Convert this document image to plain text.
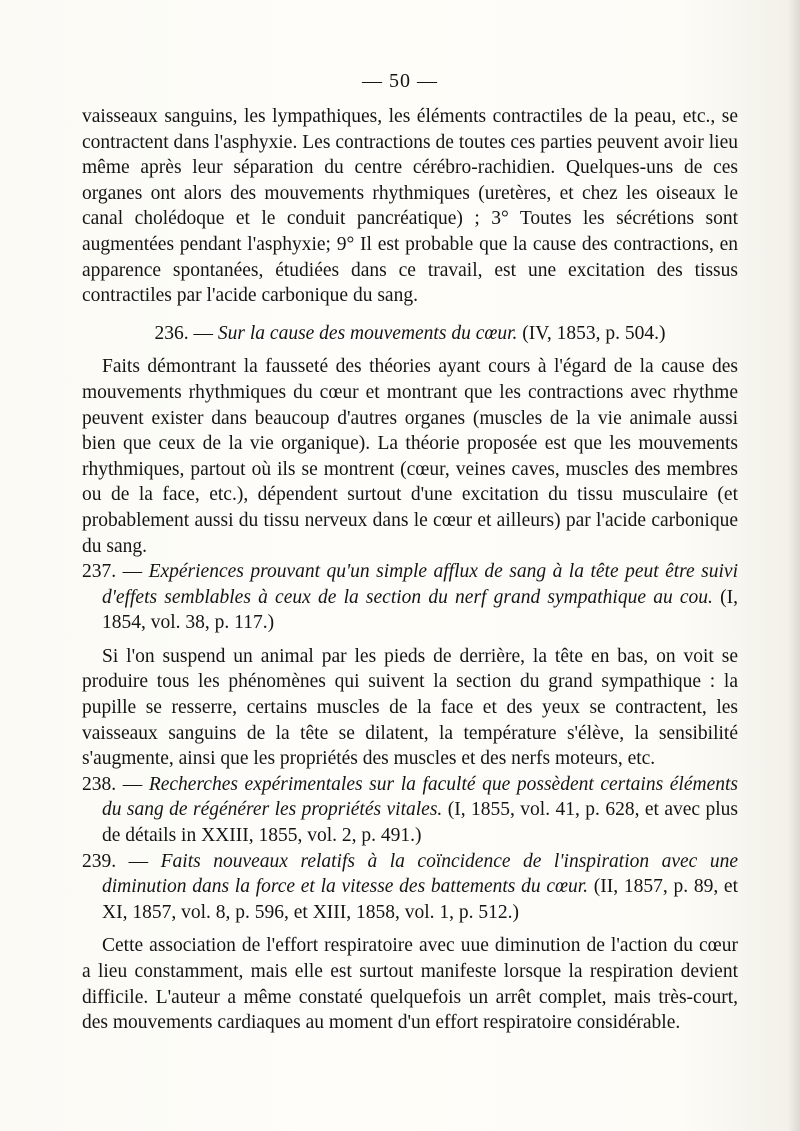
— 50 —

vaisseaux sanguins, les lympathiques, les éléments contractiles de la peau, etc., se contractent dans l'asphyxie. Les contractions de toutes ces parties peuvent avoir lieu même après leur séparation du centre cérébro-rachidien. Quelques-uns de ces organes ont alors des mouvements rhythmiques (uretères, et chez les oiseaux le canal cholédoque et le conduit pancréatique) ; 3° Toutes les sécrétions sont augmentées pendant l'asphyxie; 9° Il est probable que la cause des contractions, en apparence spontanées, étudiées dans ce travail, est une excitation des tissus contractiles par l'acide carbonique du sang.

236. — Sur la cause des mouvements du cœur. (IV, 1853, p. 504.)

Faits démontrant la fausseté des théories ayant cours à l'égard de la cause des mouvements rhythmiques du cœur et montrant que les contractions avec rhythme peuvent exister dans beaucoup d'autres organes (muscles de la vie animale aussi bien que ceux de la vie organique). La théorie proposée est que les mouvements rhythmiques, partout où ils se montrent (cœur, veines caves, muscles des membres ou de la face, etc.), dépendent surtout d'une excitation du tissu musculaire (et probablement aussi du tissu nerveux dans le cœur et ailleurs) par l'acide carbonique du sang.

237. — Expériences prouvant qu'un simple afflux de sang à la tête peut être suivi d'effets semblables à ceux de la section du nerf grand sympathique au cou. (I, 1854, vol. 38, p. 117.)

Si l'on suspend un animal par les pieds de derrière, la tête en bas, on voit se produire tous les phénomènes qui suivent la section du grand sympathique : la pupille se resserre, certains muscles de la face et des yeux se contractent, les vaisseaux sanguins de la tête se dilatent, la température s'élève, la sensibilité s'augmente, ainsi que les propriétés des muscles et des nerfs moteurs, etc.

238. — Recherches expérimentales sur la faculté que possèdent certains éléments du sang de régénérer les propriétés vitales. (I, 1855, vol. 41, p. 628, et avec plus de détails in XXIII, 1855, vol. 2, p. 491.)

239. — Faits nouveaux relatifs à la coïncidence de l'inspiration avec une diminution dans la force et la vitesse des battements du cœur. (II, 1857, p. 89, et XI, 1857, vol. 8, p. 596, et XIII, 1858, vol. 1, p. 512.)

Cette association de l'effort respiratoire avec uue diminution de l'action du cœur a lieu constamment, mais elle est surtout manifeste lorsque la respiration devient difficile. L'auteur a même constaté quelquefois un arrêt complet, mais très-court, des mouvements cardiaques au moment d'un effort respiratoire considérable.
